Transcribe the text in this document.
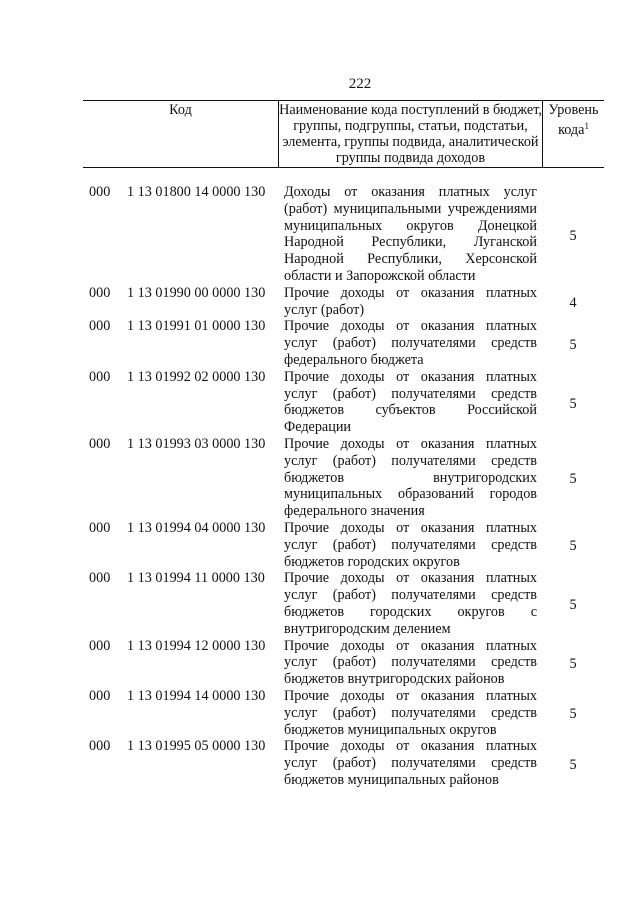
222
Код	Наименование кода поступлений в бюджет, группы, подгруппы, статьи, подстатьи, элемента, группы подвида, аналитической группы подвида доходов
Уровень кода$^1$
000 1 13 01800 14 0000 130 Доходы от оказания платных услуг (работ) муниципальными учреждениями муниципальных округов Донецкой Народной Республики, Луганской Народной Республики, Херсонской области и Запорожской области
5
000 1 13 01990 00 0000 130 Прочие доходы от оказания платных услуг (работ)	4
000 1 13 01991 01 0000 130 Прочие доходы от оказания платных услуг (работ) получателями средств федерального бюджета
5
000 1 13 01992 02 0000 130 Прочие доходы от оказания платных услуг (работ) получателями средств бюджетов субъектов Российской Федерации
5
000 1 13 01993 03 0000 130 Прочие доходы от оказания платных услуг (работ) получателями средств бюджетов внутригородских муниципальных образований городов федерального значения
5
000 1 13 01994 04 0000 130 Прочие доходы от оказания платных услуг (работ) получателями средств бюджетов городских округов
5
000 1 13 01994 11 0000 130 Прочие доходы от оказания платных услуг (работ) получателями средств бюджетов городских округов с внутригородским делением
5
000 1 13 01994 12 0000 130 Прочие доходы от оказания платных услуг (работ) получателями средств бюджетов внутригородских районов
5
000 1 13 01994 14 0000 130 Прочие доходы от оказания платных услуг (работ) получателями средств бюджетов муниципальных округов
5
000 1 13 01995 05 0000 130 Прочие доходы от оказания платных услуг (работ) получателями средств бюджетов муниципальных районов
5
